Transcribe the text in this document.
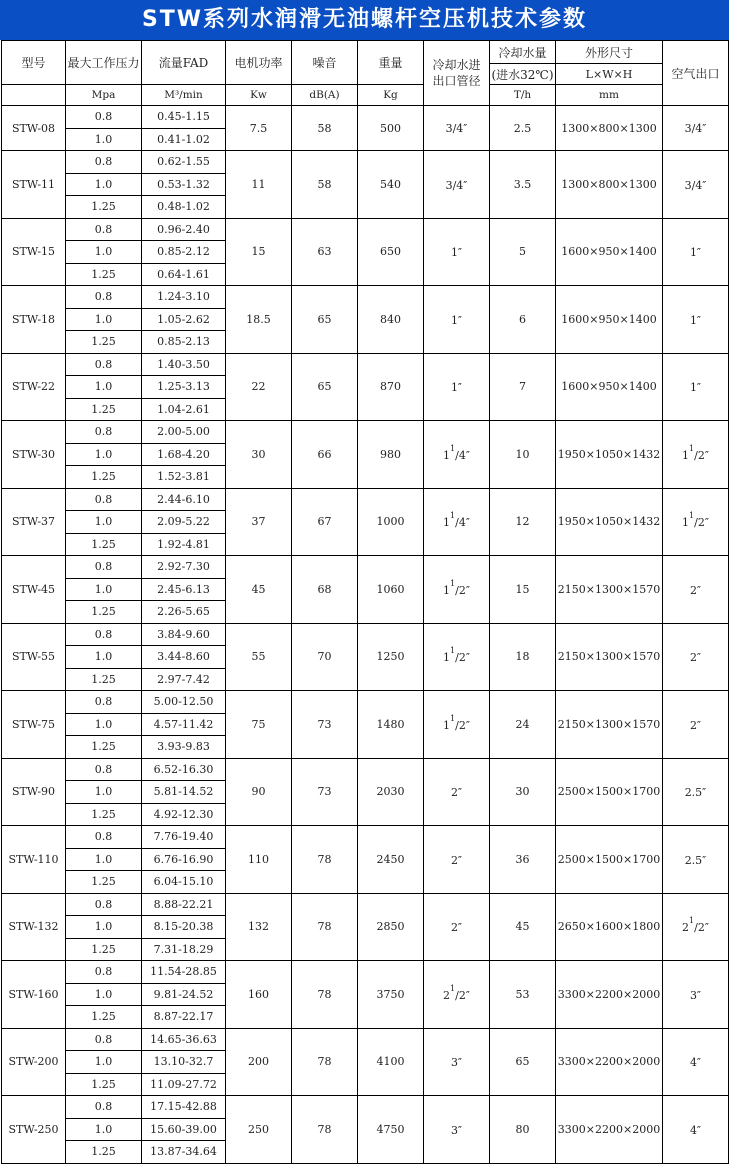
STW系列水润滑无油螺杆空压机技术参数
型号	最大工作压力	流量FAD	电机功率	噪音	重量	冷却水进
出口管径	冷却水量	外形尺寸	空气出口
							(进水32℃)	L×W×H	
	Mpa	M³/min	Kw	dB(A)	Kg		T/h	mm	
STW-08	0.8	0.45-1.15	7.5	58	500	3/4″	2.5	1300×800×1300	3/4″
	1.0	0.41-1.02							
STW-11	0.8	0.62-1.55	11	58	540	3/4″	3.5	1300×800×1300	3/4″
	1.0	0.53-1.32							
	1.25	0.48-1.02							
STW-15	0.8	0.96-2.40	15	63	650	1″	5	1600×950×1400	1″
	1.0	0.85-2.12							
	1.25	0.64-1.61							
STW-18	0.8	1.24-3.10	18.5	65	840	1″	6	1600×950×1400	1″
	1.0	1.05-2.62							
	1.25	0.85-2.13							
STW-22	0.8	1.40-3.50	22	65	870	1″	7	1600×950×1400	1″
	1.0	1.25-3.13							
	1.25	1.04-2.61							
STW-30	0.8	2.00-5.00	30	66	980	$1^1/4''$	10	1950×1050×1432	$1^1/2''$
	1.0	1.68-4.20							
	1.25	1.52-3.81							
STW-37	0.8	2.44-6.10	37	67	1000	$1^1/4''$	12	1950×1050×1432	$1^1/2''$
	1.0	2.09-5.22							
	1.25	1.92-4.81							
STW-45	0.8	2.92-7.30	45	68	1060	$1^1/2''$	15	2150×1300×1570	2″
	1.0	2.45-6.13							
	1.25	2.26-5.65							
STW-55	0.8	3.84-9.60	55	70	1250	$1^1/2''$	18	2150×1300×1570	2″
	1.0	3.44-8.60							
	1.25	2.97-7.42							
STW-75	0.8	5.00-12.50	75	73	1480	$1^1/2''$	24	2150×1300×1570	2″
	1.0	4.57-11.42							
	1.25	3.93-9.83							
STW-90	0.8	6.52-16.30	90	73	2030	2″	30	2500×1500×1700	2.5″
	1.0	5.81-14.52							
	1.25	4.92-12.30							
STW-110	0.8	7.76-19.40	110	78	2450	2″	36	2500×1500×1700	2.5″
	1.0	6.76-16.90							
	1.25	6.04-15.10							
STW-132	0.8	8.88-22.21	132	78	2850	2″	45	2650×1600×1800	$2^1/2''$
	1.0	8.15-20.38							
	1.25	7.31-18.29							
STW-160	0.8	11.54-28.85	160	78	3750	$2^1/2''$	53	3300×2200×2000	3″
	1.0	9.81-24.52							
	1.25	8.87-22.17							
STW-200	0.8	14.65-36.63	200	78	4100	3″	65	3300×2200×2000	4″
	1.0	13.10-32.7							
	1.25	11.09-27.72							
STW-250	0.8	17.15-42.88	250	78	4750	3″	80	3300×2200×2000	4″
	1.0	15.60-39.00							
	1.25	13.87-34.64							
